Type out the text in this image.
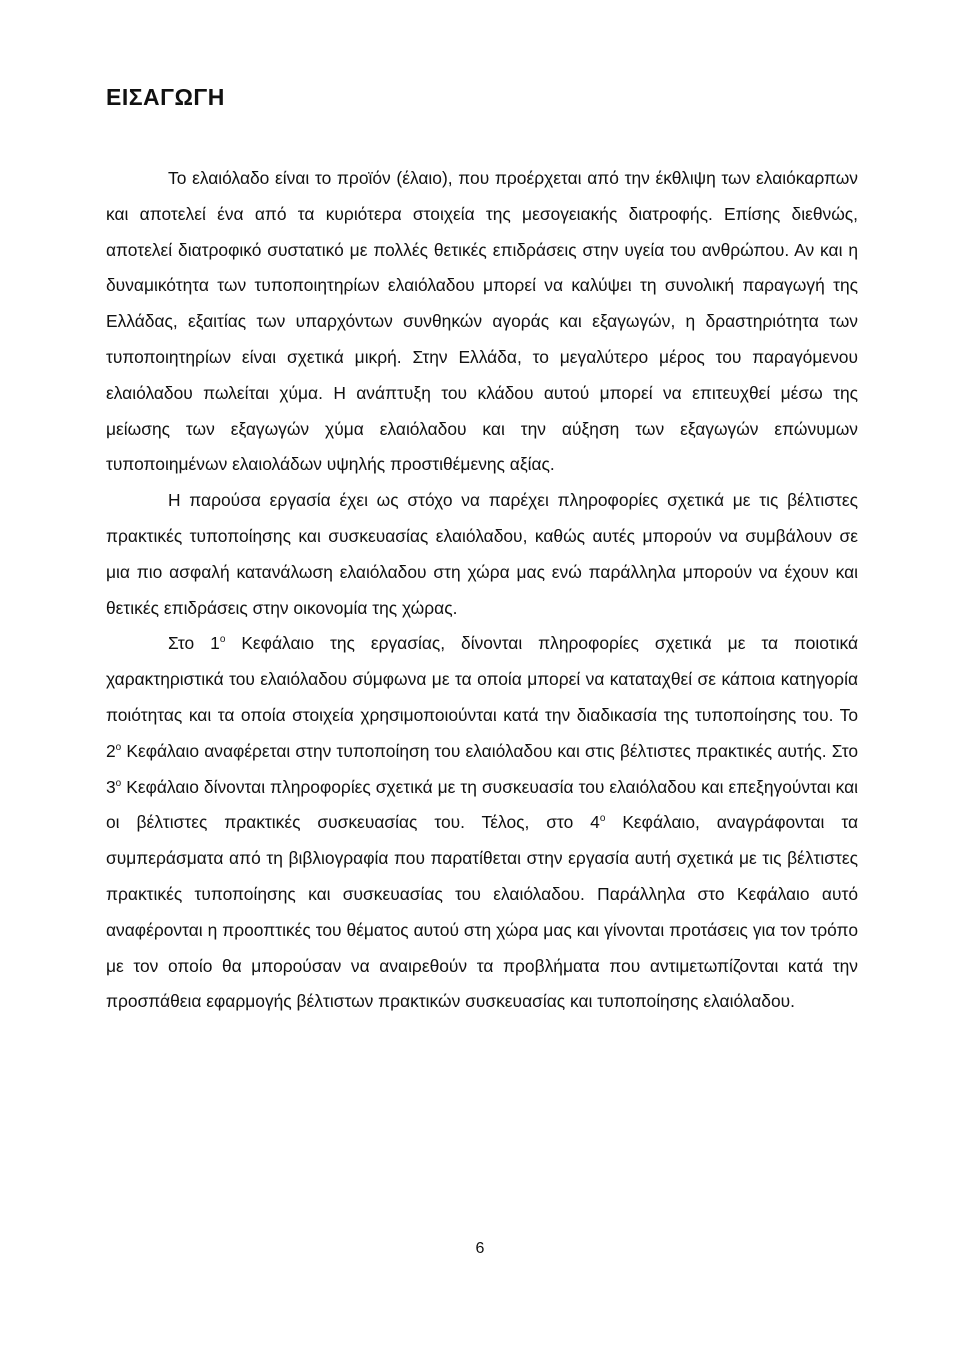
ΕΙΣΑΓΩΓΗ

Το ελαιόλαδο είναι το προϊόν (έλαιο), που προέρχεται από την έκθλιψη των ελαιόκαρπων και αποτελεί ένα από τα κυριότερα στοιχεία της μεσογειακής διατροφής. Επίσης διεθνώς, αποτελεί διατροφικό συστατικό με πολλές θετικές επιδράσεις στην υγεία του ανθρώπου. Αν και η δυναμικότητα των τυποποιητηρίων ελαιόλαδου μπορεί να καλύψει τη συνολική παραγωγή της Ελλάδας, εξαιτίας των υπαρχόντων συνθηκών αγοράς και εξαγωγών, η δραστηριότητα των τυποποιητηρίων είναι σχετικά μικρή. Στην Ελλάδα, το μεγαλύτερο μέρος του παραγόμενου ελαιόλαδου πωλείται χύμα. Η ανάπτυξη του κλάδου αυτού μπορεί να επιτευχθεί μέσω της μείωσης των εξαγωγών χύμα ελαιόλαδου και την αύξηση των εξαγωγών επώνυμων τυποποιημένων ελαιολάδων υψηλής προστιθέμενης αξίας.

Η παρούσα εργασία έχει ως στόχο να παρέχει πληροφορίες σχετικά με τις βέλτιστες πρακτικές τυποποίησης και συσκευασίας ελαιόλαδου, καθώς αυτές μπορούν να συμβάλουν σε μια πιο ασφαλή κατανάλωση ελαιόλαδου στη χώρα μας ενώ παράλληλα μπορούν να έχουν και θετικές επιδράσεις στην οικονομία της χώρας.

Στο $1^o$ Κεφάλαιο της εργασίας, δίνονται πληροφορίες σχετικά με τα ποιοτικά χαρακτηριστικά του ελαιόλαδου σύμφωνα με τα οποία μπορεί να καταταχθεί σε κάποια κατηγορία ποιότητας και τα οποία στοιχεία χρησιμοποιούνται κατά την διαδικασία της τυποποίησης του. Το $2^o$ Κεφάλαιο αναφέρεται στην τυποποίηση του ελαιόλαδου και στις βέλτιστες πρακτικές αυτής. Στο $3^o$ Κεφάλαιο δίνονται πληροφορίες σχετικά με τη συσκευασία του ελαιόλαδου και επεξηγούνται και οι βέλτιστες πρακτικές συσκευασίας του. Τέλος, στο $4^o$ Κεφάλαιο, αναγράφονται τα συμπεράσματα από τη βιβλιογραφία που παρατίθεται στην εργασία αυτή σχετικά με τις βέλτιστες πρακτικές τυποποίησης και συσκευασίας του ελαιόλαδου. Παράλληλα στο Κεφάλαιο αυτό αναφέρονται η προοπτικές του θέματος αυτού στη χώρα μας και γίνονται προτάσεις για τον τρόπο με τον οποίο θα μπορούσαν να αναιρεθούν τα προβλήματα που αντιμετωπίζονται κατά την προσπάθεια εφαρμογής βέλτιστων πρακτικών συσκευασίας και τυποποίησης ελαιόλαδου.

6
